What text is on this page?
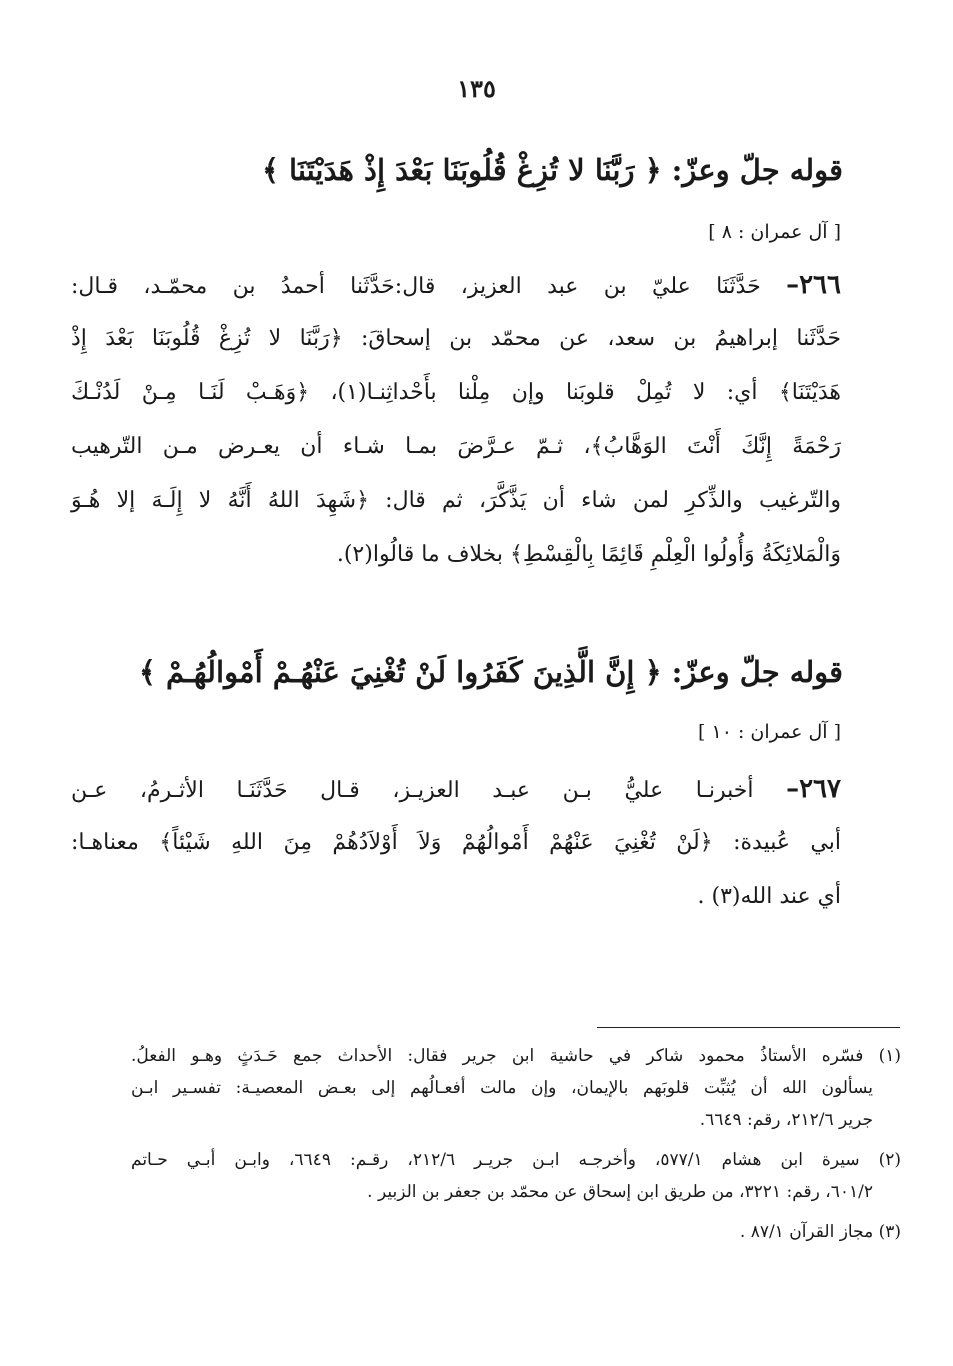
١٣٥
قوله جلّ وعزّ: ﴿ رَبَّنَا لا تُزِغْ قُلُوبَنَا بَعْدَ إِذْ هَدَيْتَنَا ﴾
[ آل عمران : ٨ ]
٢٦٦– حَدَّثَنَا عليّ بن عبد العزيز، قال:حَدَّثَنا أحمدُ بن محمّـد، قـال:
حَدَّثَنا إبراهيمُ بن سعد، عن محمّد بن إسحاقَ: ﴿رَبَّنَا لا تُزِغْ قُلُوبَنَا بَعْدَ إِذْ
هَدَيْتَنَا﴾ أي: لا تُمِلْ قلوبَنا وإن مِلْنا بأَحْداثِنـا(١)، ﴿وَهَـبْ لَنَـا مِـنْ لَدُنْـكَ
رَحْمَةً إِنَّكَ أَنْتَ الوَهَّابُ﴾، ثـمّ عـرَّضَ بمـا شـاء أن يعـرض مـن التّرهيب
والتّرغيب والذِّكرِ لمن شاء أن يَذَّكَّرَ، ثم قال: ﴿شَهِدَ اللهُ أَنَّهُ لا إِلَـهَ إلا هُـوَ
وَالْمَلائِكَةُ وَأُولُوا الْعِلْمِ قَائِمًا بِالْقِسْطِ﴾ بخلاف ما قالُوا(٢).
قوله جلّ وعزّ: ﴿ إِنَّ الَّذِينَ كَفَرُوا لَنْ تُغْنِيَ عَنْهُـمْ أَمْوالُهُـمْ ﴾
[ آل عمران : ١٠ ]
٢٦٧– أخبرنـا عليُّ بـن عبـد العزيـز، قـال حَدَّثَنَـا الأثـرمُ، عـن
أبي عُبيدة: ﴿لَنْ تُغْنِيَ عَنْهُمْ أَمْوالُهُمْ وَلاَ أَوْلاَدُهُمْ مِنَ اللهِ شَيْئاً﴾ معناهـا:
أي عند الله(٣) .
(١) فسّره الأستاذُ محمود شاكر في حاشية ابن جرير فقال: الأحداث جمع حَـدَثٍ وهـو الفعلُ.
يسألون الله أن يُثبِّت قلوبَهم بالإيمان، وإن مالت أفعـالُهم إلى بعـض المعصيـة: تفسـير ابـن
جرير ٢١٢/٦، رقم: ٦٦٤٩.
(٢) سيرة ابن هشام ٥٧٧/١، وأخرجـه ابـن جريـر ٢١٢/٦، رقـم: ٦٦٤٩، وابـن أبـي حـاتم
٦٠١/٢، رقم: ٣٢٢١، من طريق ابن إسحاق عن محمّد بن جعفر بن الزبير .
(٣) مجاز القرآن ٨٧/١ .
